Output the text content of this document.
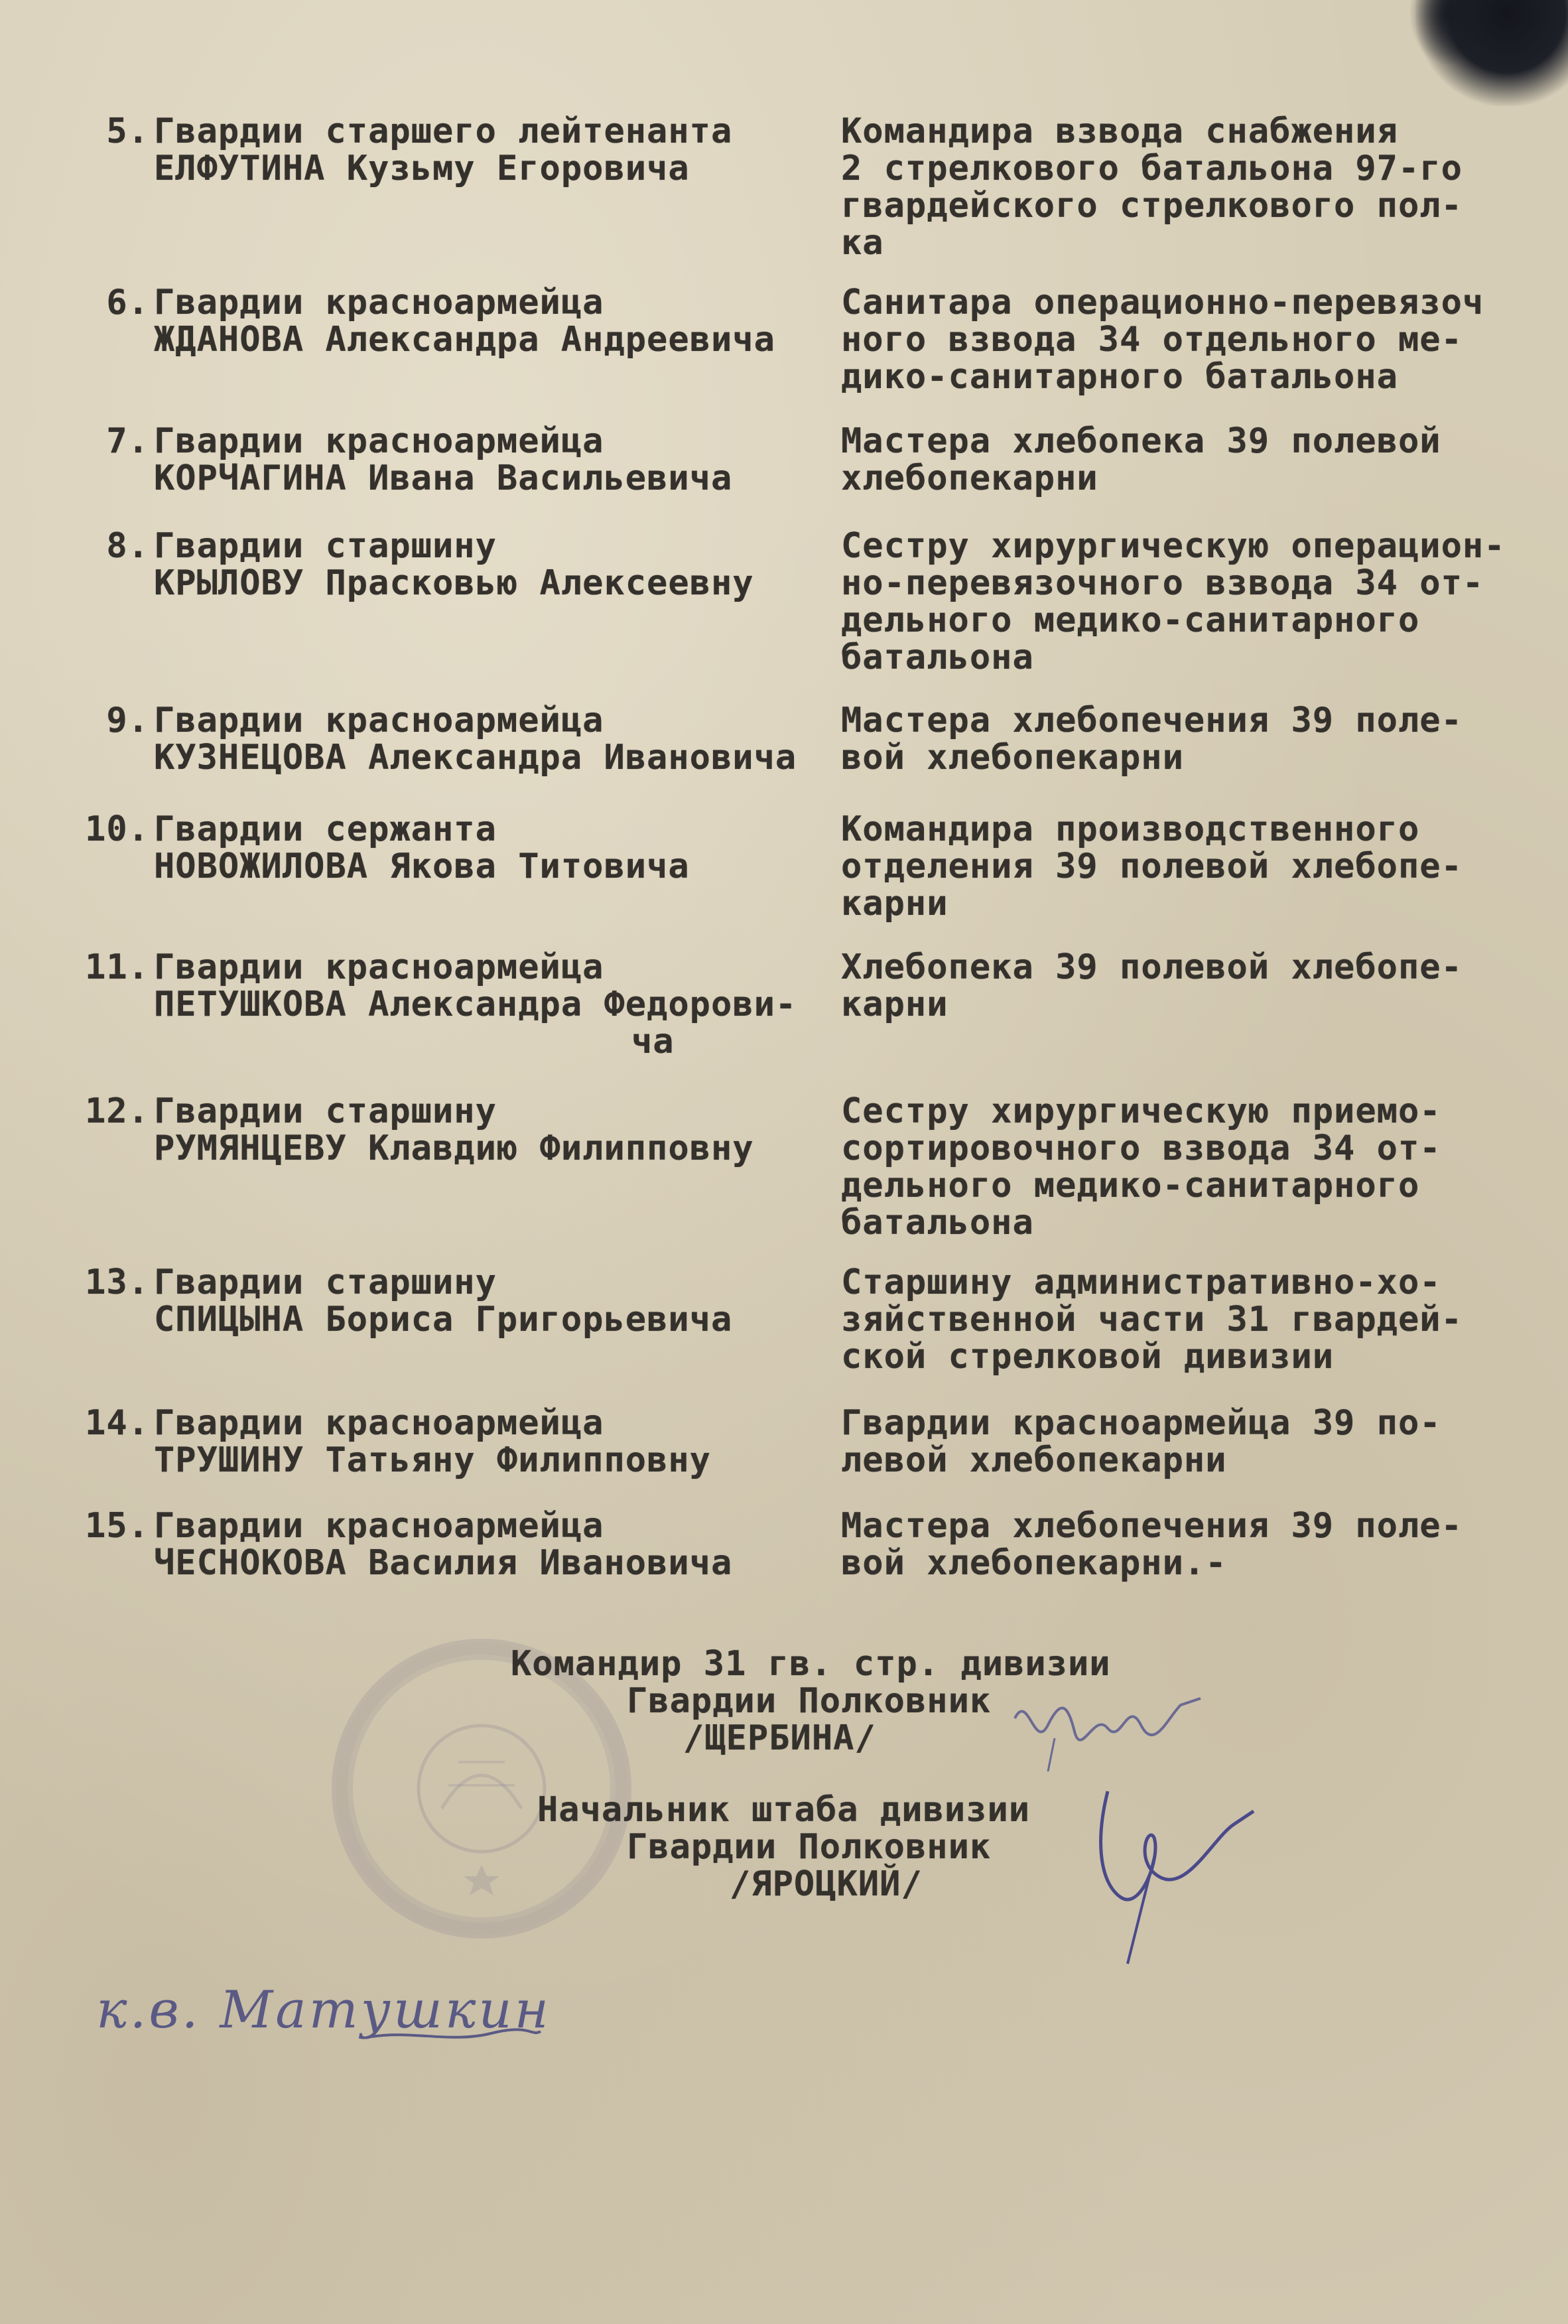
5. Гвардии старшего лейтенанта
ЕЛФУТИНА Кузьму Егоровича
Командира взвода снабжения
2 стрелкового батальона 97-го
гвардейского стрелкового пол-
ка
6. Гвардии красноармейца
ЖДАНОВА Александра Андреевича
Санитара операционно-перевязоч
ного взвода 34 отдельного ме-
дико-санитарного батальона
7. Гвардии красноармейца
КОРЧАГИНА Ивана Васильевича
Мастера хлебопека 39 полевой
хлебопекарни
8. Гвардии старшину
КРЫЛОВУ Прасковью Алексеевну
Сестру хирургическую операцион-
но-перевязочного взвода 34 от-
дельного медико-санитарного
батальона
9. Гвардии красноармейца
КУЗНЕЦОВА Александра Ивановича
Мастера хлебопечения 39 поле-
вой хлебопекарни
10. Гвардии сержанта
НОВОЖИЛОВА Якова Титовича
Командира производственного
отделения 39 полевой хлебопе-
карни
11. Гвардии красноармейца
ПЕТУШКОВА Александра Федорови-
ча
Хлебопека 39 полевой хлебопе-
карни
12. Гвардии старшину
РУМЯНЦЕВУ Клавдию Филипповну
Сестру хирургическую приемо-
сортировочного взвода 34 от-
дельного медико-санитарного
батальона
13. Гвардии старшину
СПИЦЫНА Бориса Григорьевича
Старшину административно-хо-
зяйственной части 31 гвардей-
ской стрелковой дивизии
14. Гвардии красноармейца
ТРУШИНУ Татьяну Филипповну
Гвардии красноармейца 39 по-
левой хлебопекарни
15. Гвардии красноармейца
ЧЕСНОКОВА Василия Ивановича
Мастера хлебопечения 39 поле-
вой хлебопекарни.-
Командир 31 гв. стр. дивизии
Гвардии Полковник
/ЩЕРБИНА/
Начальник штаба дивизии
Гвардии Полковник
/ЯРОЦКИЙ/
к.в. Матушкин
